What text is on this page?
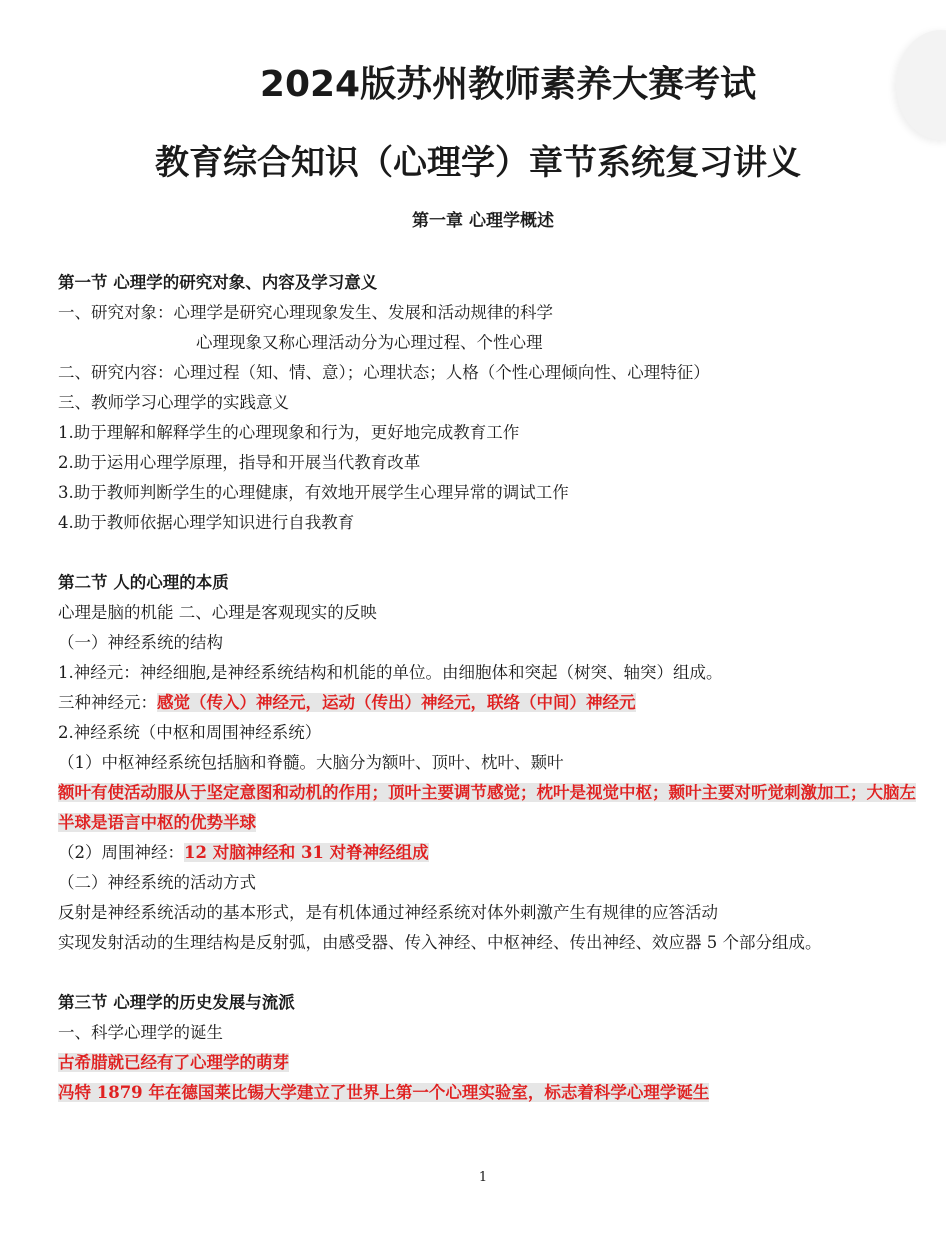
2024版苏州教师素养大赛考试
教育综合知识（心理学）章节系统复习讲义
第一章 心理学概述
第一节 心理学的研究对象、内容及学习意义
一、研究对象：心理学是研究心理现象发生、发展和活动规律的科学
心理现象又称心理活动分为心理过程、个性心理
二、研究内容：心理过程（知、情、意）；心理状态；人格（个性心理倾向性、心理特征）
三、教师学习心理学的实践意义
1.助于理解和解释学生的心理现象和行为，更好地完成教育工作
2.助于运用心理学原理，指导和开展当代教育改革
3.助于教师判断学生的心理健康，有效地开展学生心理异常的调试工作
4.助于教师依据心理学知识进行自我教育
第二节 人的心理的本质
心理是脑的机能 二、心理是客观现实的反映
（一）神经系统的结构
1.神经元：神经细胞,是神经系统结构和机能的单位。由细胞体和突起（树突、轴突）组成。
三种神经元：感觉（传入）神经元，运动（传出）神经元，联络（中间）神经元
2.神经系统（中枢和周围神经系统）
（1）中枢神经系统包括脑和脊髓。大脑分为额叶、顶叶、枕叶、颞叶
额叶有使活动服从于坚定意图和动机的作用；顶叶主要调节感觉；枕叶是视觉中枢；颞叶主要对听觉刺激加工；大脑左半球是语言中枢的优势半球
（2）周围神经：12 对脑神经和 31 对脊神经组成
（二）神经系统的活动方式
反射是神经系统活动的基本形式，是有机体通过神经系统对体外刺激产生有规律的应答活动
实现发射活动的生理结构是反射弧，由感受器、传入神经、中枢神经、传出神经、效应器 5 个部分组成。
第三节 心理学的历史发展与流派
一、科学心理学的诞生
古希腊就已经有了心理学的萌芽
冯特 1879 年在德国莱比锡大学建立了世界上第一个心理实验室，标志着科学心理学诞生
1
